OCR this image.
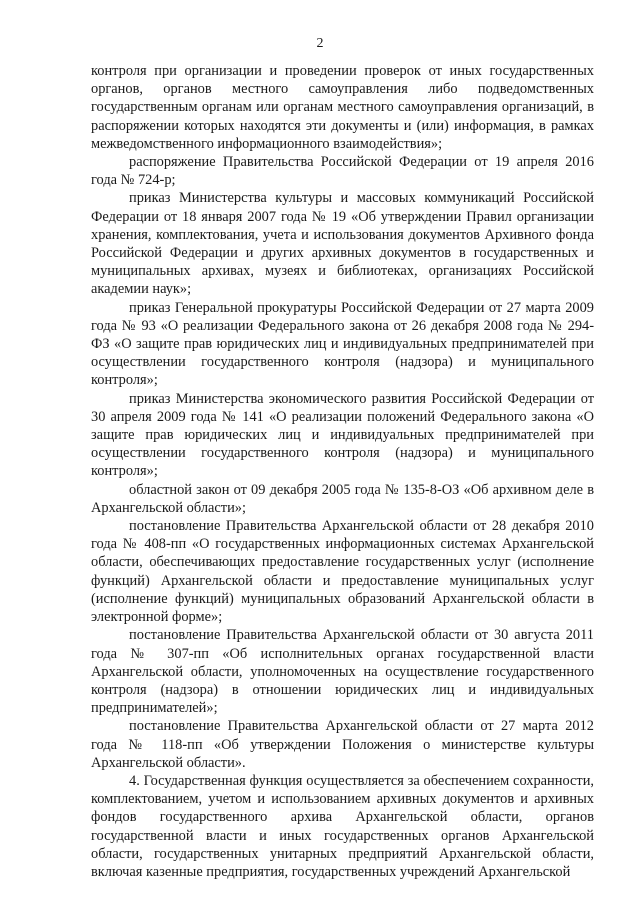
2

контроля при организации и проведении проверок от иных государственных органов, органов местного самоуправления либо подведомственных государственным органам или органам местного самоуправления организаций, в распоряжении которых находятся эти документы и (или) информация, в рамках межведомственного информационного взаимодействия»;

распоряжение Правительства Российской Федерации от 19 апреля 2016 года № 724-р;

приказ Министерства культуры и массовых коммуникаций Российской Федерации от 18 января 2007 года № 19 «Об утверждении Правил организации хранения, комплектования, учета и использования документов Архивного фонда Российской Федерации и других архивных документов в государственных и муниципальных архивах, музеях и библиотеках, организациях Российской академии наук»;

приказ Генеральной прокуратуры Российской Федерации от 27 марта 2009 года № 93 «О реализации Федерального закона от 26 декабря 2008 года № 294-ФЗ «О защите прав юридических лиц и индивидуальных предпринимателей при осуществлении государственного контроля (надзора) и муниципального контроля»;

приказ Министерства экономического развития Российской Федерации от 30 апреля 2009 года № 141 «О реализации положений Федерального закона «О защите прав юридических лиц и индивидуальных предпринимателей при осуществлении государственного контроля (надзора) и муниципального контроля»;

областной закон от 09 декабря 2005 года № 135-8-ОЗ «Об архивном деле в Архангельской области»;

постановление Правительства Архангельской области от 28 декабря 2010 года № 408-пп «О государственных информационных системах Архангельской области, обеспечивающих предоставление государственных услуг (исполнение функций) Архангельской области и предоставление муниципальных услуг (исполнение функций) муниципальных образований Архангельской области в электронной форме»;

постановление Правительства Архангельской области от 30 августа 2011 года № 307-пп «Об исполнительных органах государственной власти Архангельской области, уполномоченных на осуществление государственного контроля (надзора) в отношении юридических лиц и индивидуальных предпринимателей»;

постановление Правительства Архангельской области от 27 марта 2012 года № 118-пп «Об утверждении Положения о министерстве культуры Архангельской области».

4. Государственная функция осуществляется за обеспечением сохранности, комплектованием, учетом и использованием архивных документов и архивных фондов государственного архива Архангельской области, органов государственной власти и иных государственных органов Архангельской области, государственных унитарных предприятий Архангельской области, включая казенные предприятия, государственных учреждений Архангельской
